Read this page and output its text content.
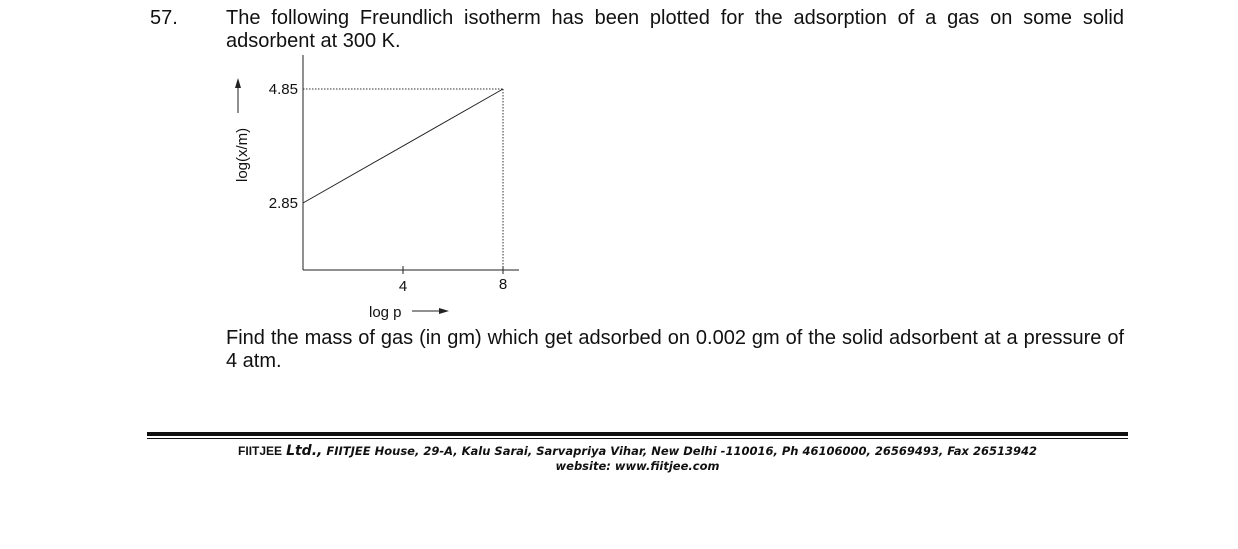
57. The following Freundlich isotherm has been plotted for the adsorption of a gas on some solid adsorbent at 300 K.
4	8
2.85
4.85
log p
log(x/m)
Find the mass of gas (in gm) which get adsorbed on 0.002 gm of the solid adsorbent at a pressure of 4 atm.
FIITJEE Ltd., FIITJEE House, 29-A, Kalu Sarai, Sarvapriya Vihar, New Delhi -110016, Ph 46106000, 26569493, Fax 26513942
website: www.fiitjee.com
